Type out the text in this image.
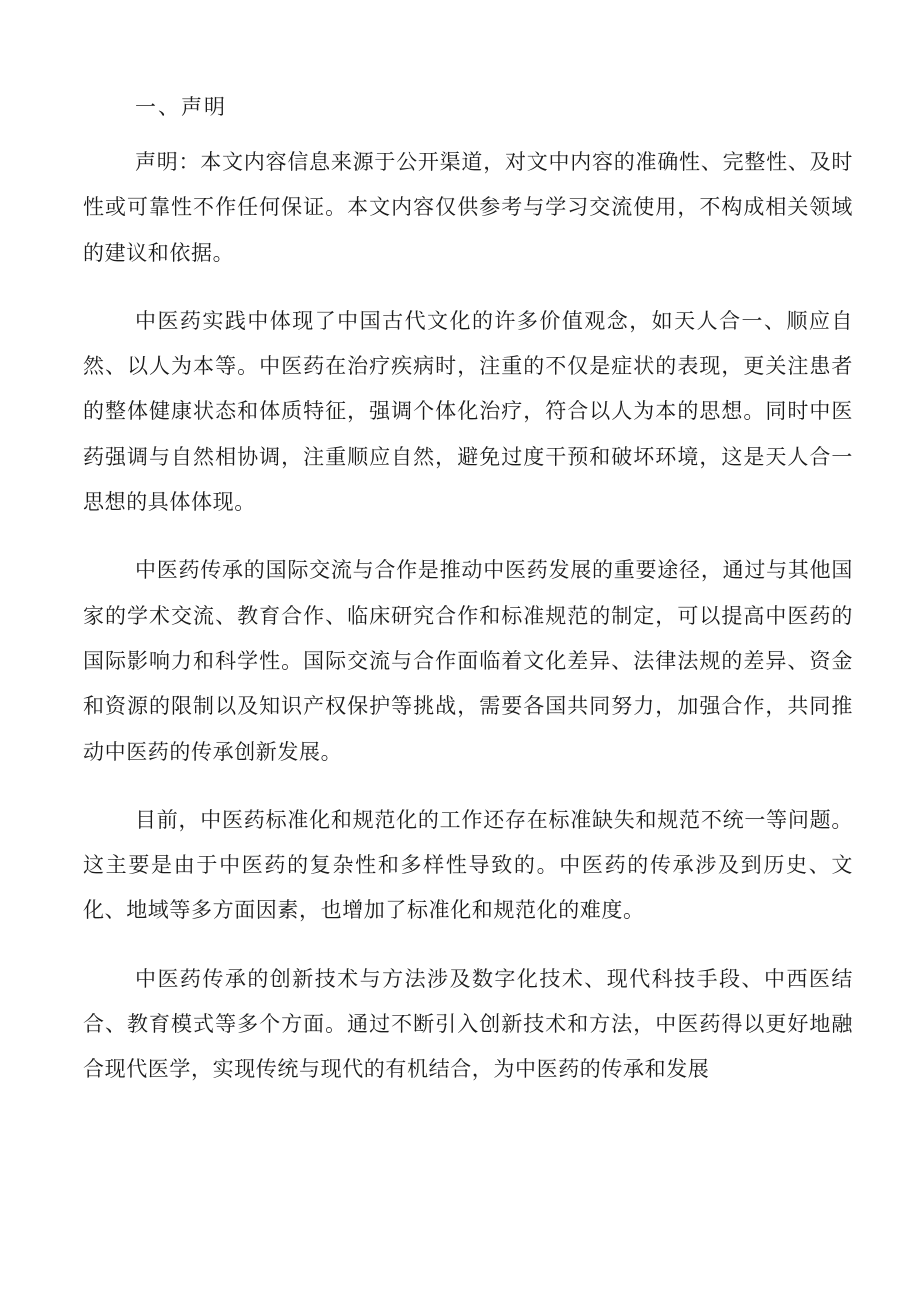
一、声明

声明：本文内容信息来源于公开渠道，对文中内容的准确性、完整性、及时性或可靠性不作任何保证。本文内容仅供参考与学习交流使用，不构成相关领域的建议和依据。

中医药实践中体现了中国古代文化的许多价值观念，如天人合一、顺应自然、以人为本等。中医药在治疗疾病时，注重的不仅是症状的表现，更关注患者的整体健康状态和体质特征，强调个体化治疗，符合以人为本的思想。同时中医药强调与自然相协调，注重顺应自然，避免过度干预和破坏环境，这是天人合一思想的具体体现。

中医药传承的国际交流与合作是推动中医药发展的重要途径，通过与其他国家的学术交流、教育合作、临床研究合作和标准规范的制定，可以提高中医药的国际影响力和科学性。国际交流与合作面临着文化差异、法律法规的差异、资金和资源的限制以及知识产权保护等挑战，需要各国共同努力，加强合作，共同推动中医药的传承创新发展。

目前，中医药标准化和规范化的工作还存在标准缺失和规范不统一等问题。这主要是由于中医药的复杂性和多样性导致的。中医药的传承涉及到历史、文化、地域等多方面因素，也增加了标准化和规范化的难度。

中医药传承的创新技术与方法涉及数字化技术、现代科技手段、中西医结合、教育模式等多个方面。通过不断引入创新技术和方法，中医药得以更好地融合现代医学，实现传统与现代的有机结合，为中医药的传承和发展
